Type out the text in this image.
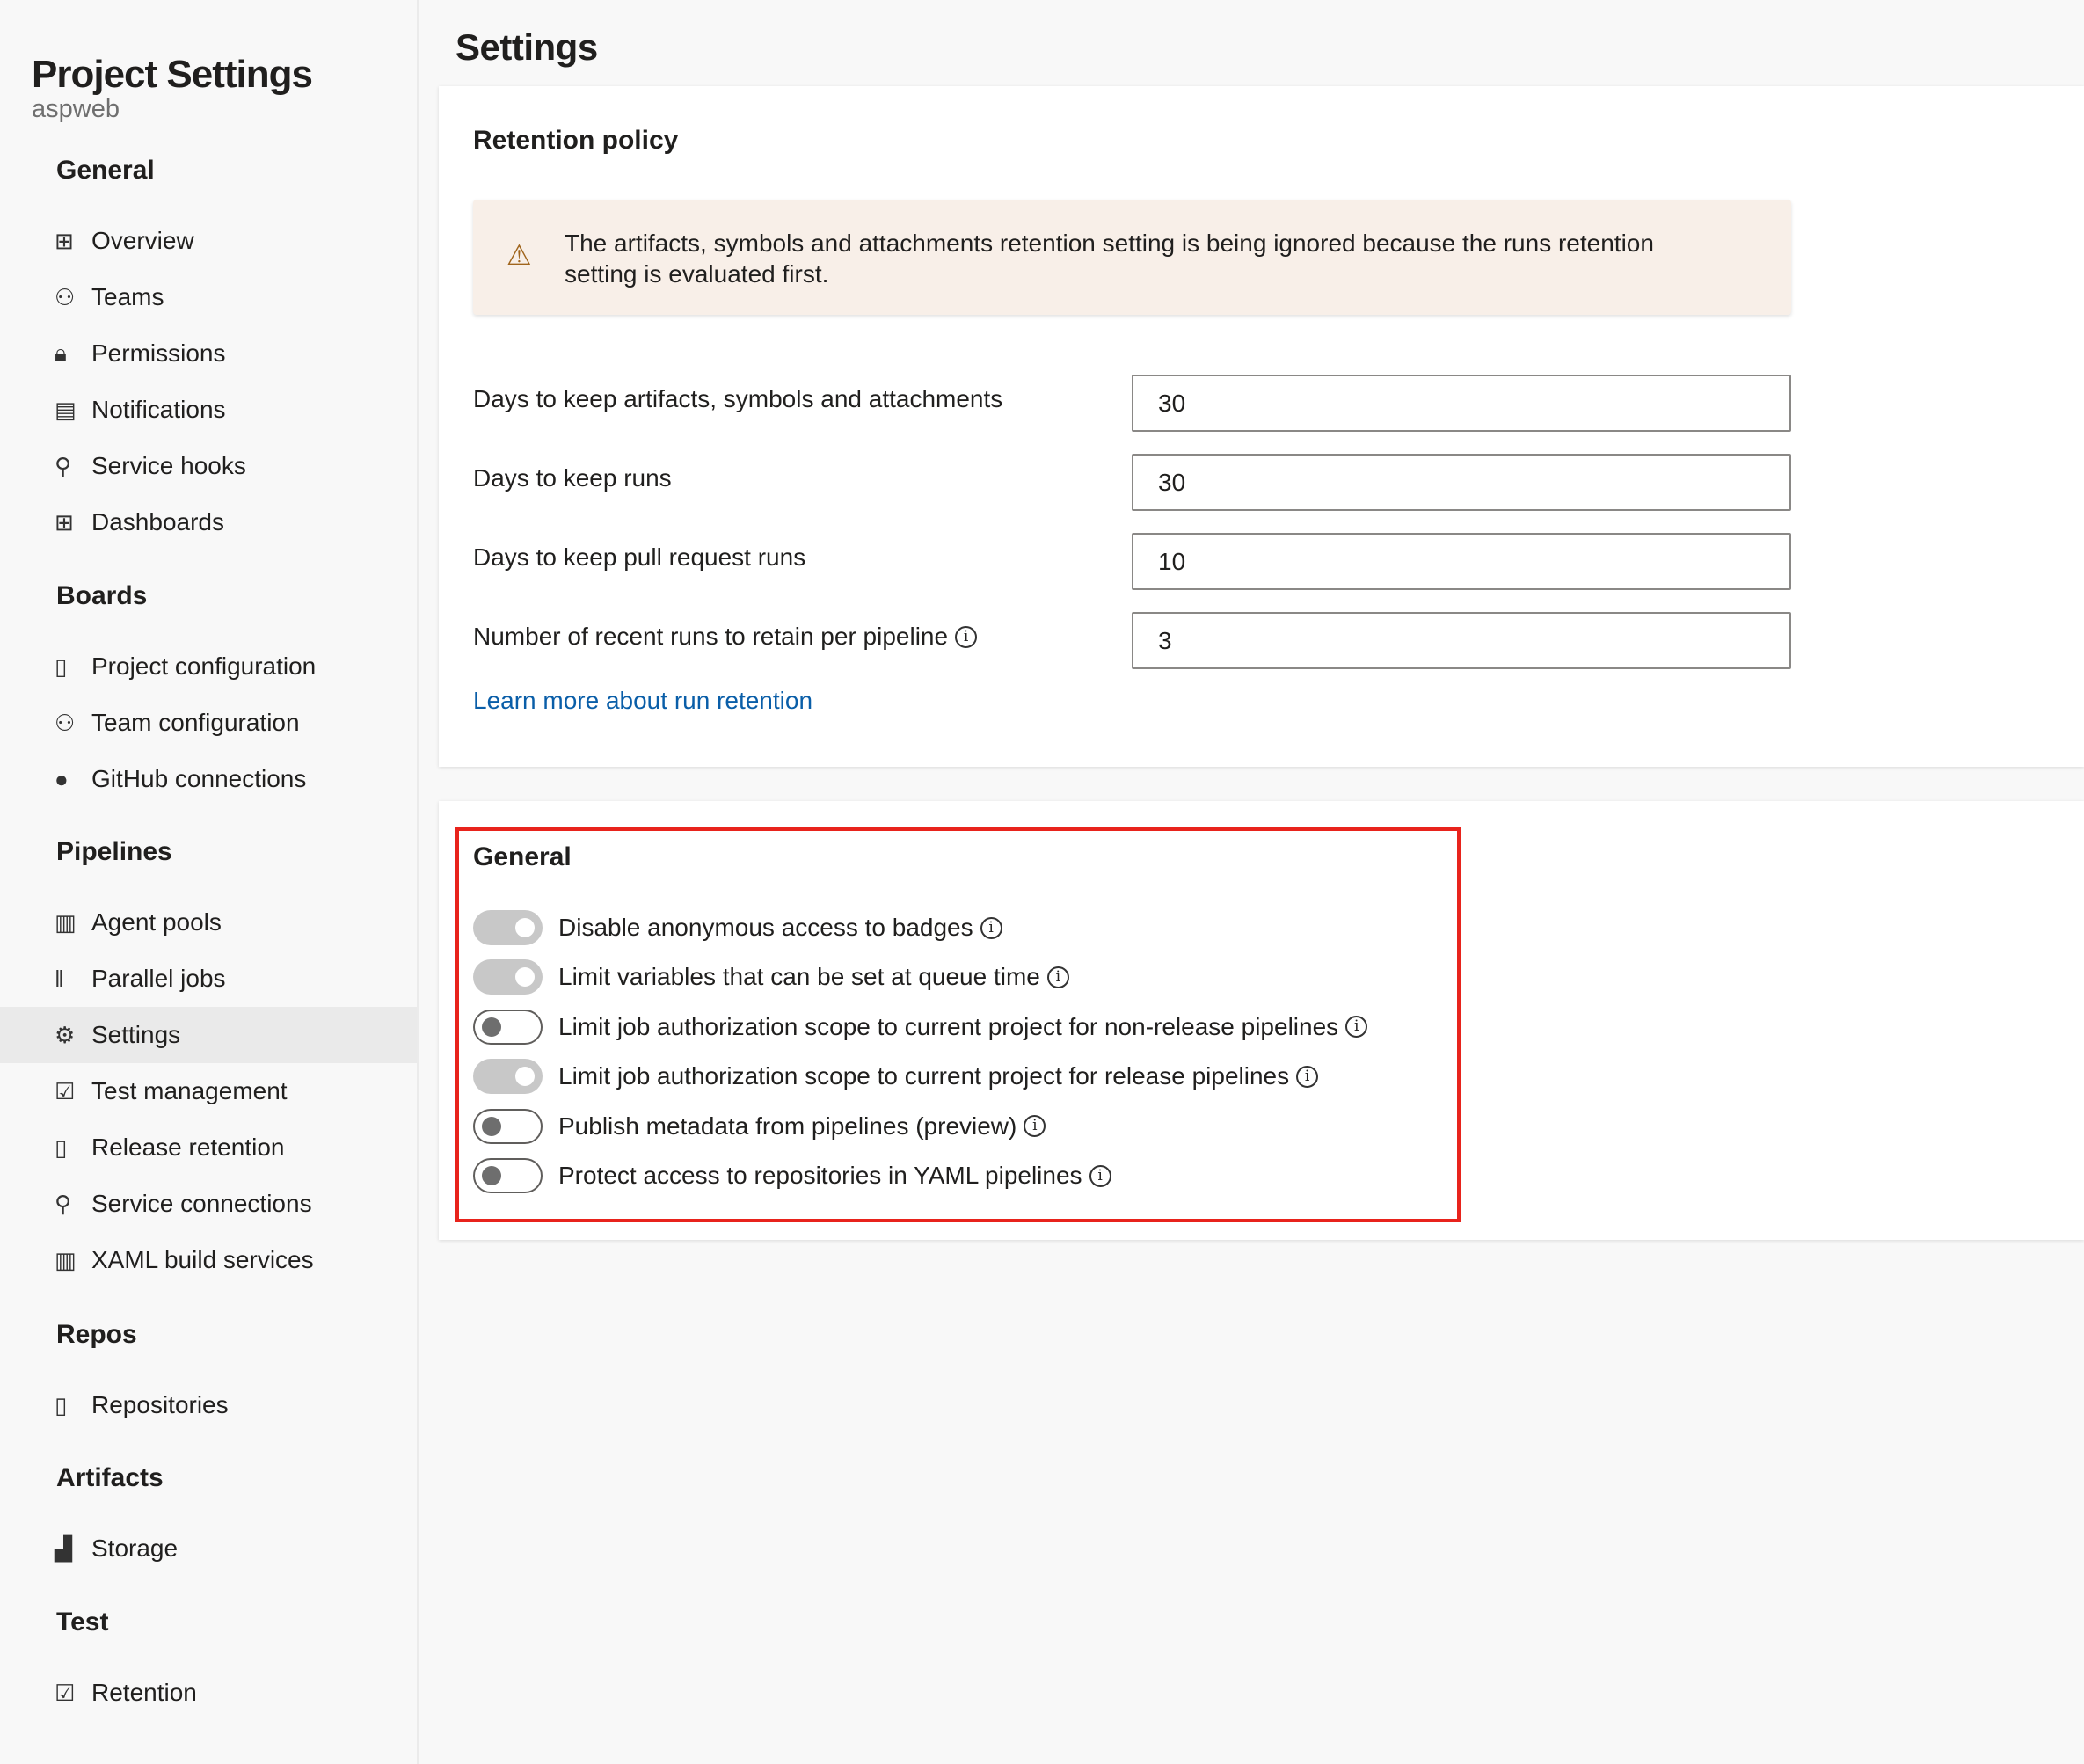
Project Settings
aspweb
General
⊞ Overview
⚇ Teams
🔒︎	Permissions
▤ Notifications
⚲ Service hooks
⊞ Dashboards
Boards
▯ Project configuration
⚇ Team configuration
● GitHub connections
Pipelines
▥ Agent pools
‖	Parallel jobs
⚙ Settings
☑ Test management
▯ Release retention
⚲ Service connections
▥ XAML build services
Repos
▯ Repositories
Artifacts
▟ Storage
Test
☑ Retention
Settings
Retention policy
⚠ The artifacts, symbols and attachments retention setting is being ignored because the runs retention setting is evaluated first.
Days to keep artifacts, symbols and attachments
30
Days to keep runs
30
Days to keep pull request runs
10
Number of recent runs to retain per pipeline i
3
Learn more about run retention
General
Disable anonymous access to badges	i
Limit variables that can be set at queue time	i
Limit job authorization scope to current project for non-release pipelines	i
Limit job authorization scope to current project for release pipelines	i
Publish metadata from pipelines (preview)	i
Protect access to repositories in YAML pipelines	i
